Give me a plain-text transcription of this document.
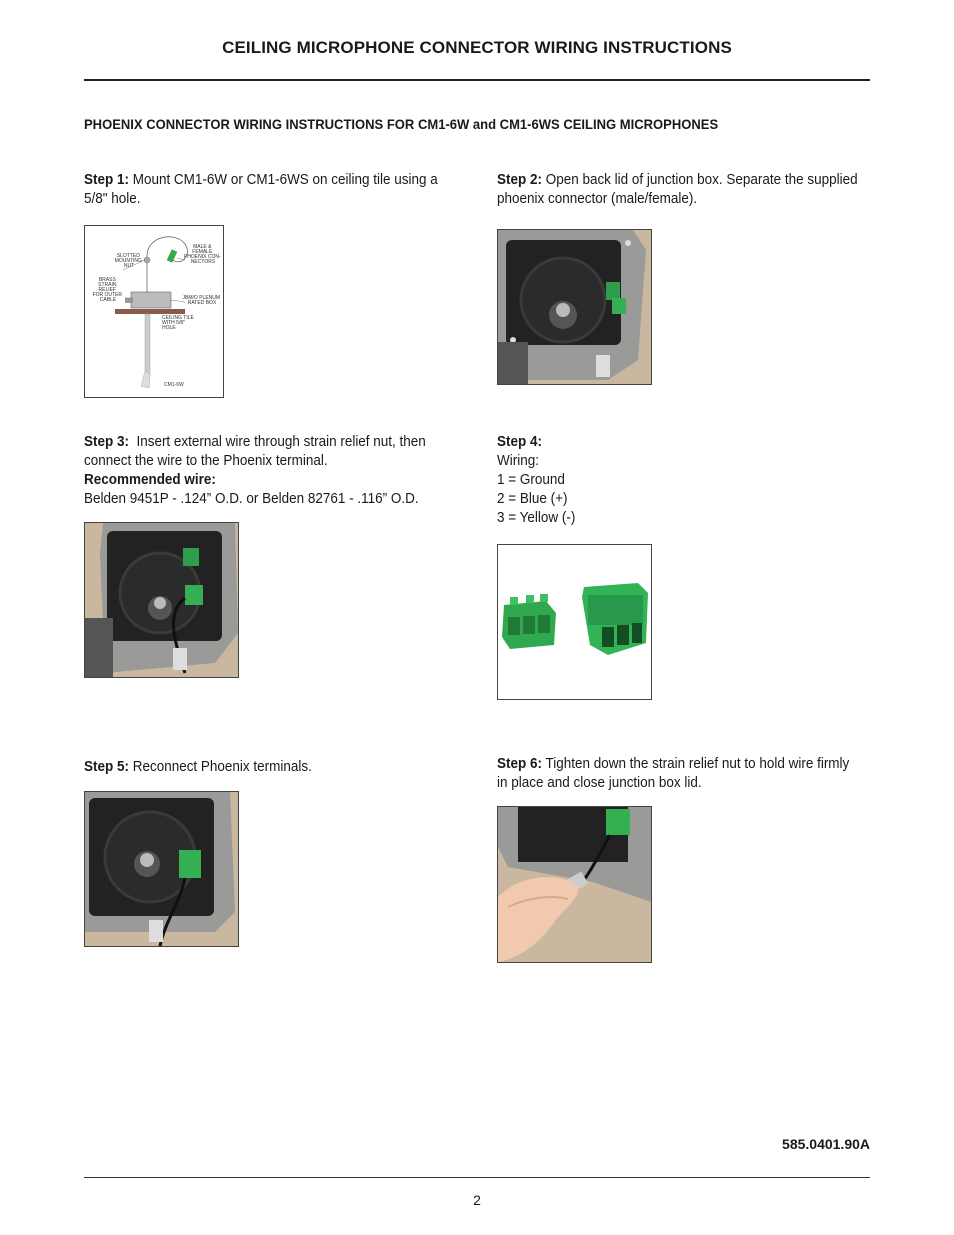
CEILING MICROPHONE CONNECTOR WIRING INSTRUCTIONS
PHOENIX CONNECTOR WIRING INSTRUCTIONS FOR CM1-6W and CM1-6WS CEILING MICROPHONES
Step 1: Mount CM1-6W or CM1-6WS on ceiling tile using a 5/8" hole.
SLOTTED MOUNTING NUT
MALE & FEMALE PHOENIX CON- NECTORS
BRASS STRAIN RELIEF FOR OUTER CABLE	JBM/O PLENUM RATED BOX
CEILING TILE WITH 5/8" HOLE
CM1-6W
Step 2: Open back lid of junction box. Separate the supplied phoenix connector (male/female).
Step 3: Insert external wire through strain relief nut, then connect the wire to the Phoenix terminal.
Recommended wire:
Belden 9451P - .124” O.D. or Belden 82761 - .116” O.D.
Step 4:
Wiring:
1 = Ground
2 = Blue (+)
3 = Yellow (-)
Step 5: Reconnect Phoenix terminals.	Step 6: Tighten down the strain relief nut to hold wire firmly in place and close junction box lid.
585.0401.90A
2
